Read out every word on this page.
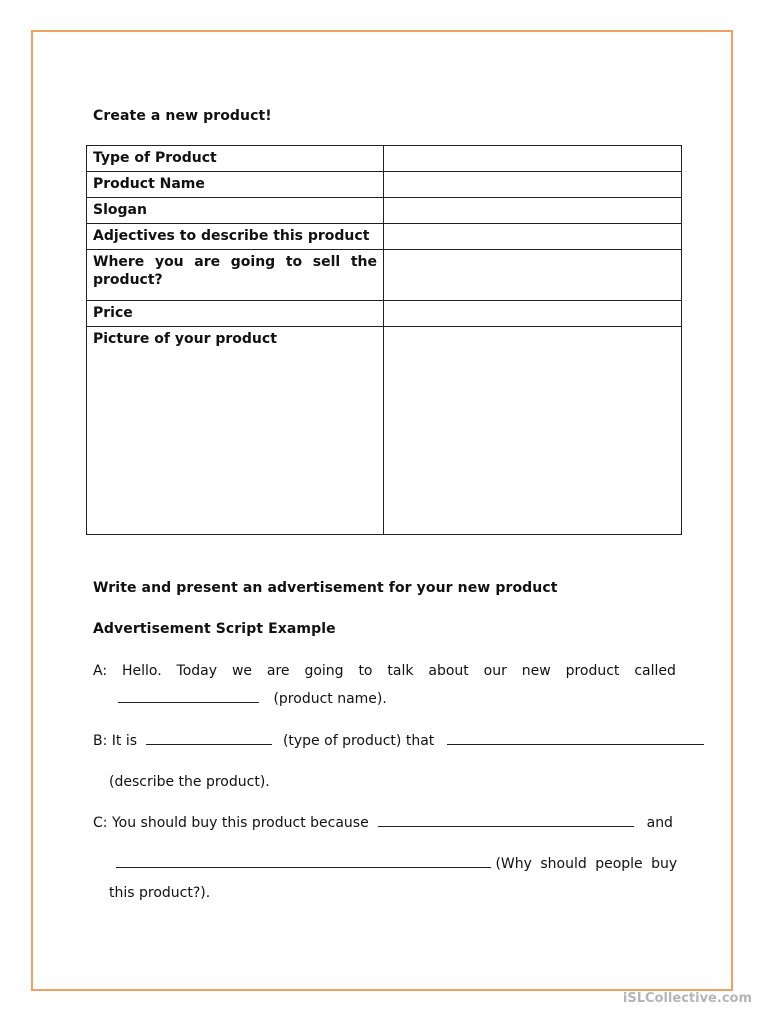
Create a new product!
Type of Product	
Product Name	
Slogan	
Adjectives to describe this product	
Where you are going to sell the product?	
Price	
Picture of your product	
Write and present an advertisement for your new product
Advertisement Script Example
A: Hello. Today we are going to talk about our new product called
(product name).
B: It is	(type of product) that
(describe the product).
C: You should buy this product because	and
(Why should people buy
this product?).
iSLCollective.com
